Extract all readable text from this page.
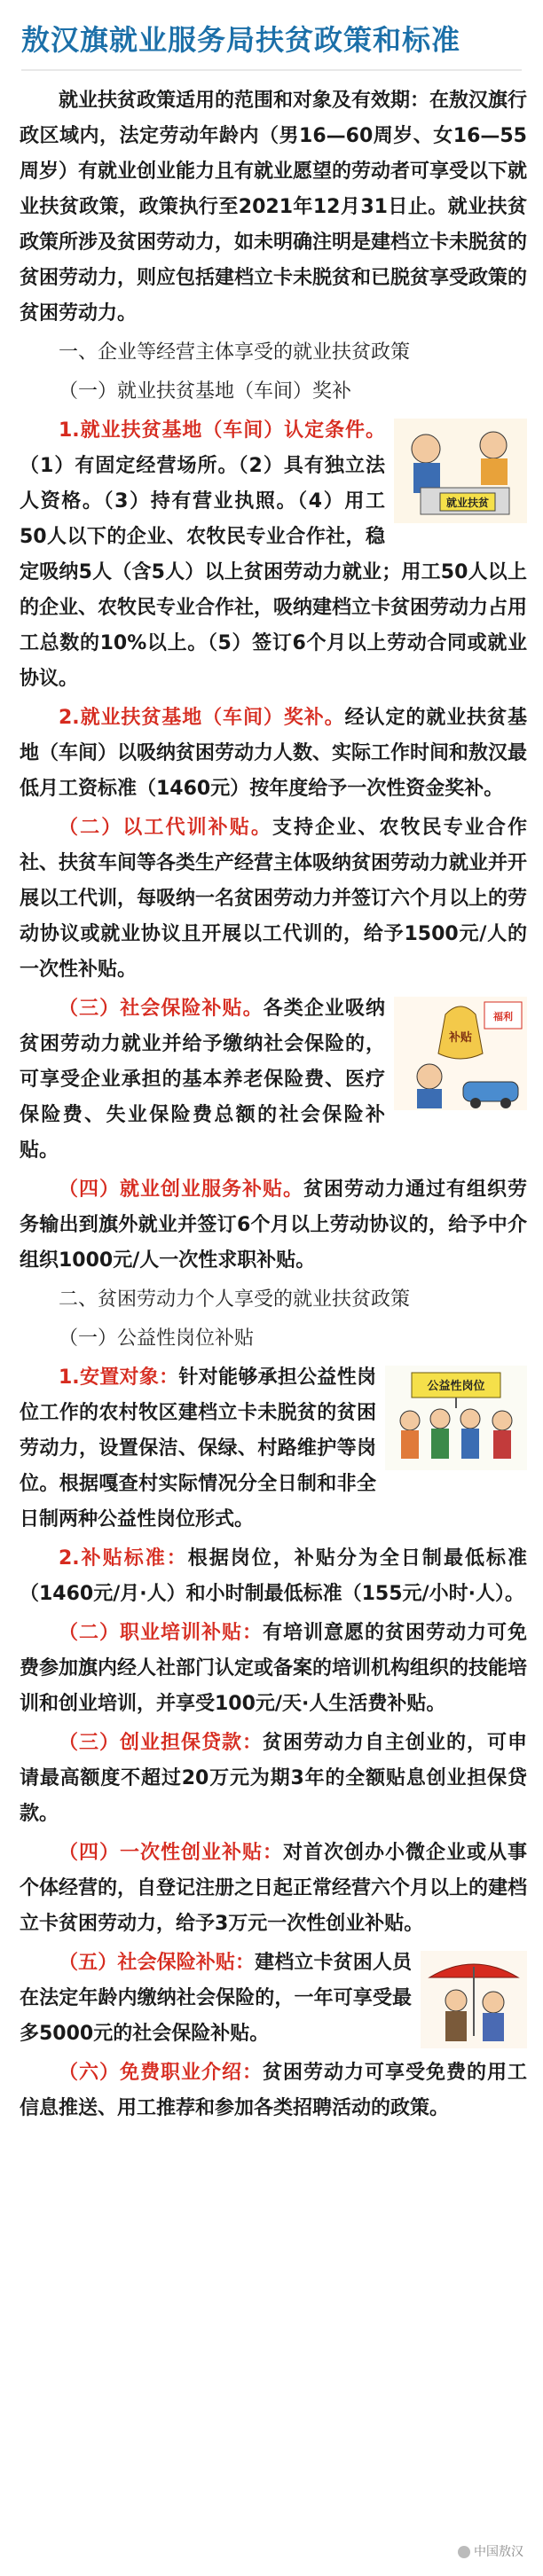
敖汉旗就业服务局扶贫政策和标准

就业扶贫政策适用的范围和对象及有效期：在敖汉旗行政区域内，法定劳动年龄内（男16—60周岁、女16—55周岁）有就业创业能力且有就业愿望的劳动者可享受以下就业扶贫政策，政策执行至2021年12月31日止。就业扶贫政策所涉及贫困劳动力，如未明确注明是建档立卡未脱贫的贫困劳动力，则应包括建档立卡未脱贫和已脱贫享受政策的贫困劳动力。

一、企业等经营主体享受的就业扶贫政策

（一）就业扶贫基地（车间）奖补

就业扶贫
1.就业扶贫基地（车间）认定条件。（1）有固定经营场所。（2）具有独立法人资格。（3）持有营业执照。（4）用工50人以下的企业、农牧民专业合作社，稳定吸纳5人（含5人）以上贫困劳动力就业；用工50人以上的企业、农牧民专业合作社，吸纳建档立卡贫困劳动力占用工总数的10%以上。（5）签订6个月以上劳动合同或就业协议。

2.就业扶贫基地（车间）奖补。经认定的就业扶贫基地（车间）以吸纳贫困劳动力人数、实际工作时间和敖汉最低月工资标准（1460元）按年度给予一次性资金奖补。

（二）以工代训补贴。支持企业、农牧民专业合作社、扶贫车间等各类生产经营主体吸纳贫困劳动力就业并开展以工代训，每吸纳一名贫困劳动力并签订六个月以上的劳动协议或就业协议且开展以工代训的，给予1500元/人的一次性补贴。

补贴
福利
（三）社会保险补贴。各类企业吸纳贫困劳动力就业并给予缴纳社会保险的，可享受企业承担的基本养老保险费、医疗保险费、失业保险费总额的社会保险补贴。

（四）就业创业服务补贴。贫困劳动力通过有组织劳务输出到旗外就业并签订6个月以上劳动协议的，给予中介组织1000元/人一次性求职补贴。

二、贫困劳动力个人享受的就业扶贫政策

（一）公益性岗位补贴

公益性岗位
1.安置对象：针对能够承担公益性岗位工作的农村牧区建档立卡未脱贫的贫困劳动力，设置保洁、保绿、村路维护等岗位。根据嘎查村实际情况分全日制和非全日制两种公益性岗位形式。

2.补贴标准：根据岗位，补贴分为全日制最低标准（1460元/月·人）和小时制最低标准（155元/小时·人）。

（二）职业培训补贴：有培训意愿的贫困劳动力可免费参加旗内经人社部门认定或备案的培训机构组织的技能培训和创业培训，并享受100元/天·人生活费补贴。

（三）创业担保贷款：贫困劳动力自主创业的，可申请最高额度不超过20万元为期3年的全额贴息创业担保贷款。

（四）一次性创业补贴：对首次创办小微企业或从事个体经营的，自登记注册之日起正常经营六个月以上的建档立卡贫困劳动力，给予3万元一次性创业补贴。

（五）社会保险补贴：建档立卡贫困人员在法定年龄内缴纳社会保险的，一年可享受最多5000元的社会保险补贴。

（六）免费职业介绍：贫困劳动力可享受免费的用工信息推送、用工推荐和参加各类招聘活动的政策。

中国敖汉
